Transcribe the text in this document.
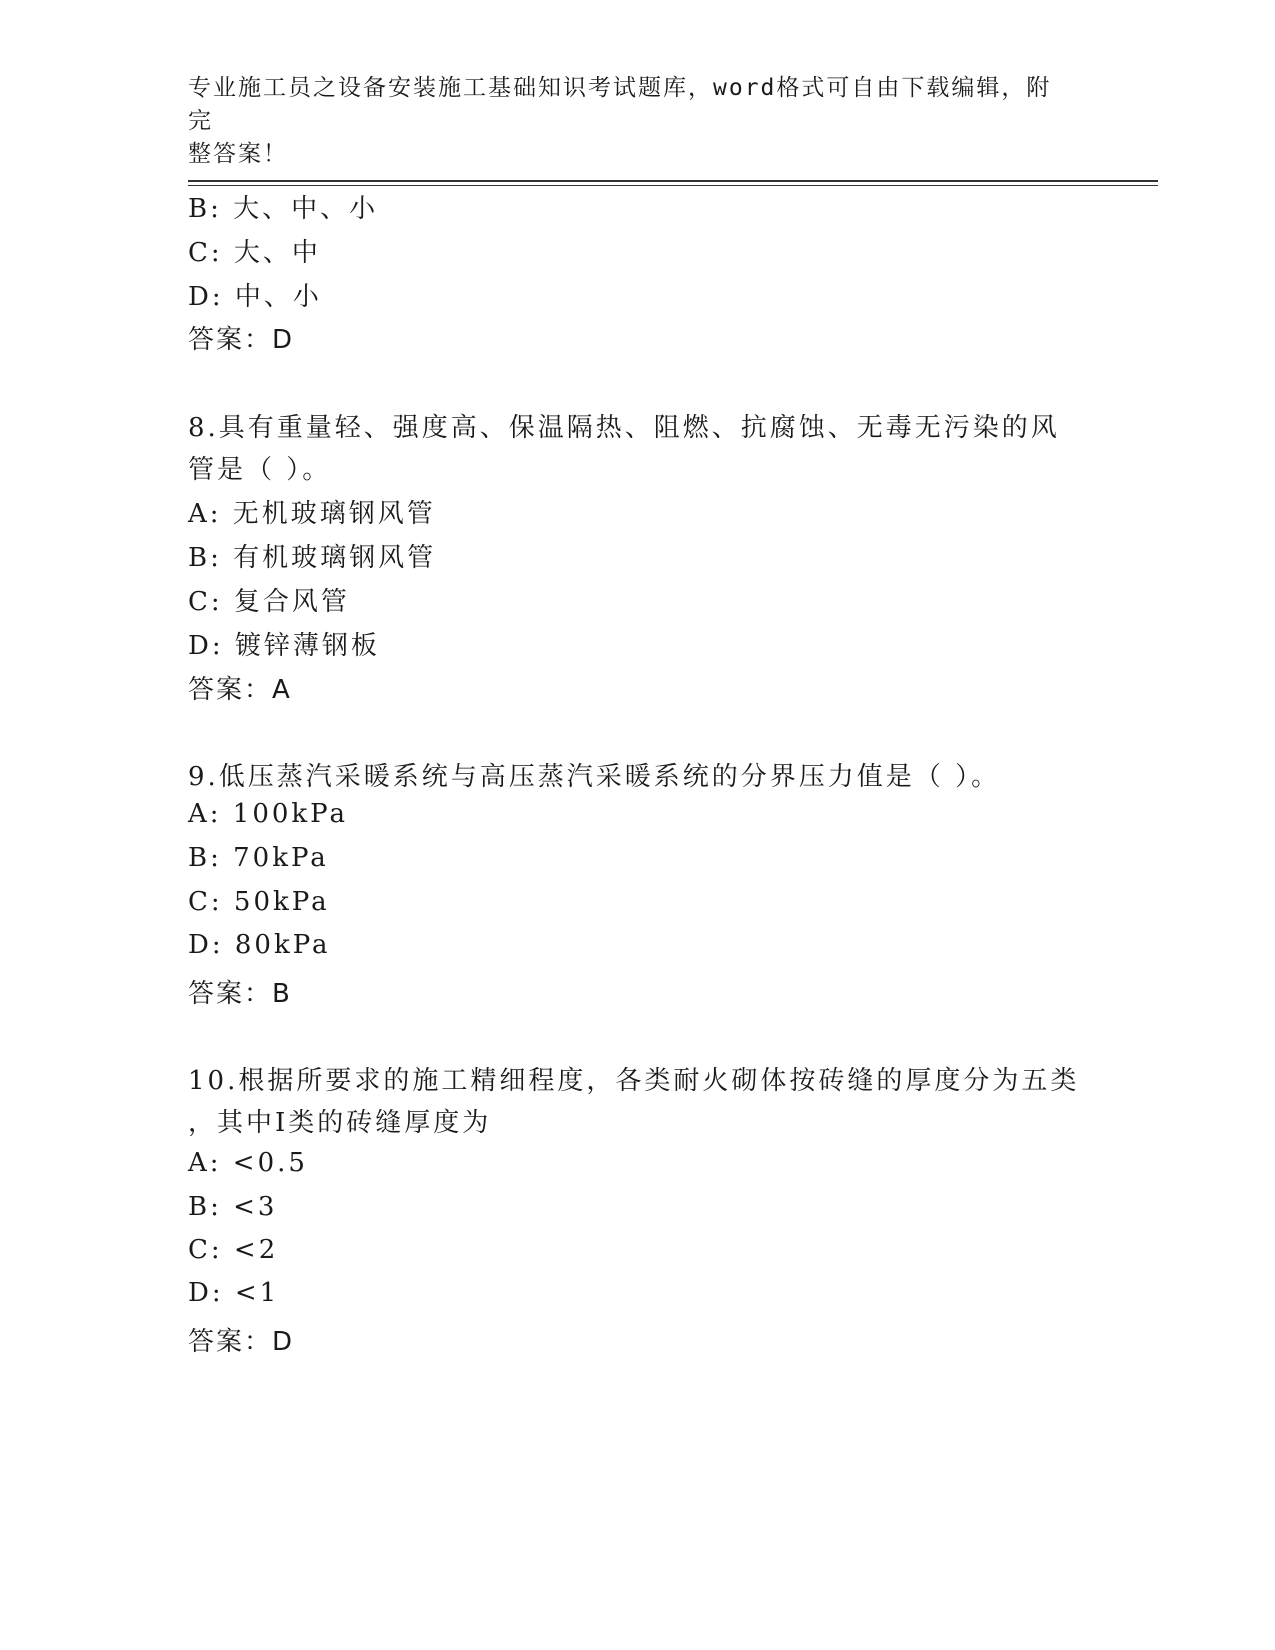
专业施工员之设备安装施工基础知识考试题库，word格式可自由下载编辑，附完
整答案！
B: 大、中、小
C: 大、中
D: 中、小
答案：D
8.具有重量轻、强度高、保温隔热、阻燃、抗腐蚀、无毒无污染的风
管是（ ）。
A: 无机玻璃钢风管
B: 有机玻璃钢风管
C: 复合风管
D: 镀锌薄钢板
答案：A
9.低压蒸汽采暖系统与高压蒸汽采暖系统的分界压力值是（ ）。
A: 100kPa
B: 70kPa
C: 50kPa
D: 80kPa
答案：B
10.根据所要求的施工精细程度，各类耐火砌体按砖缝的厚度分为五类
，其中Ⅰ类的砖缝厚度为
A: <0.5
B: <3
C: <2
D: <1
答案：D
